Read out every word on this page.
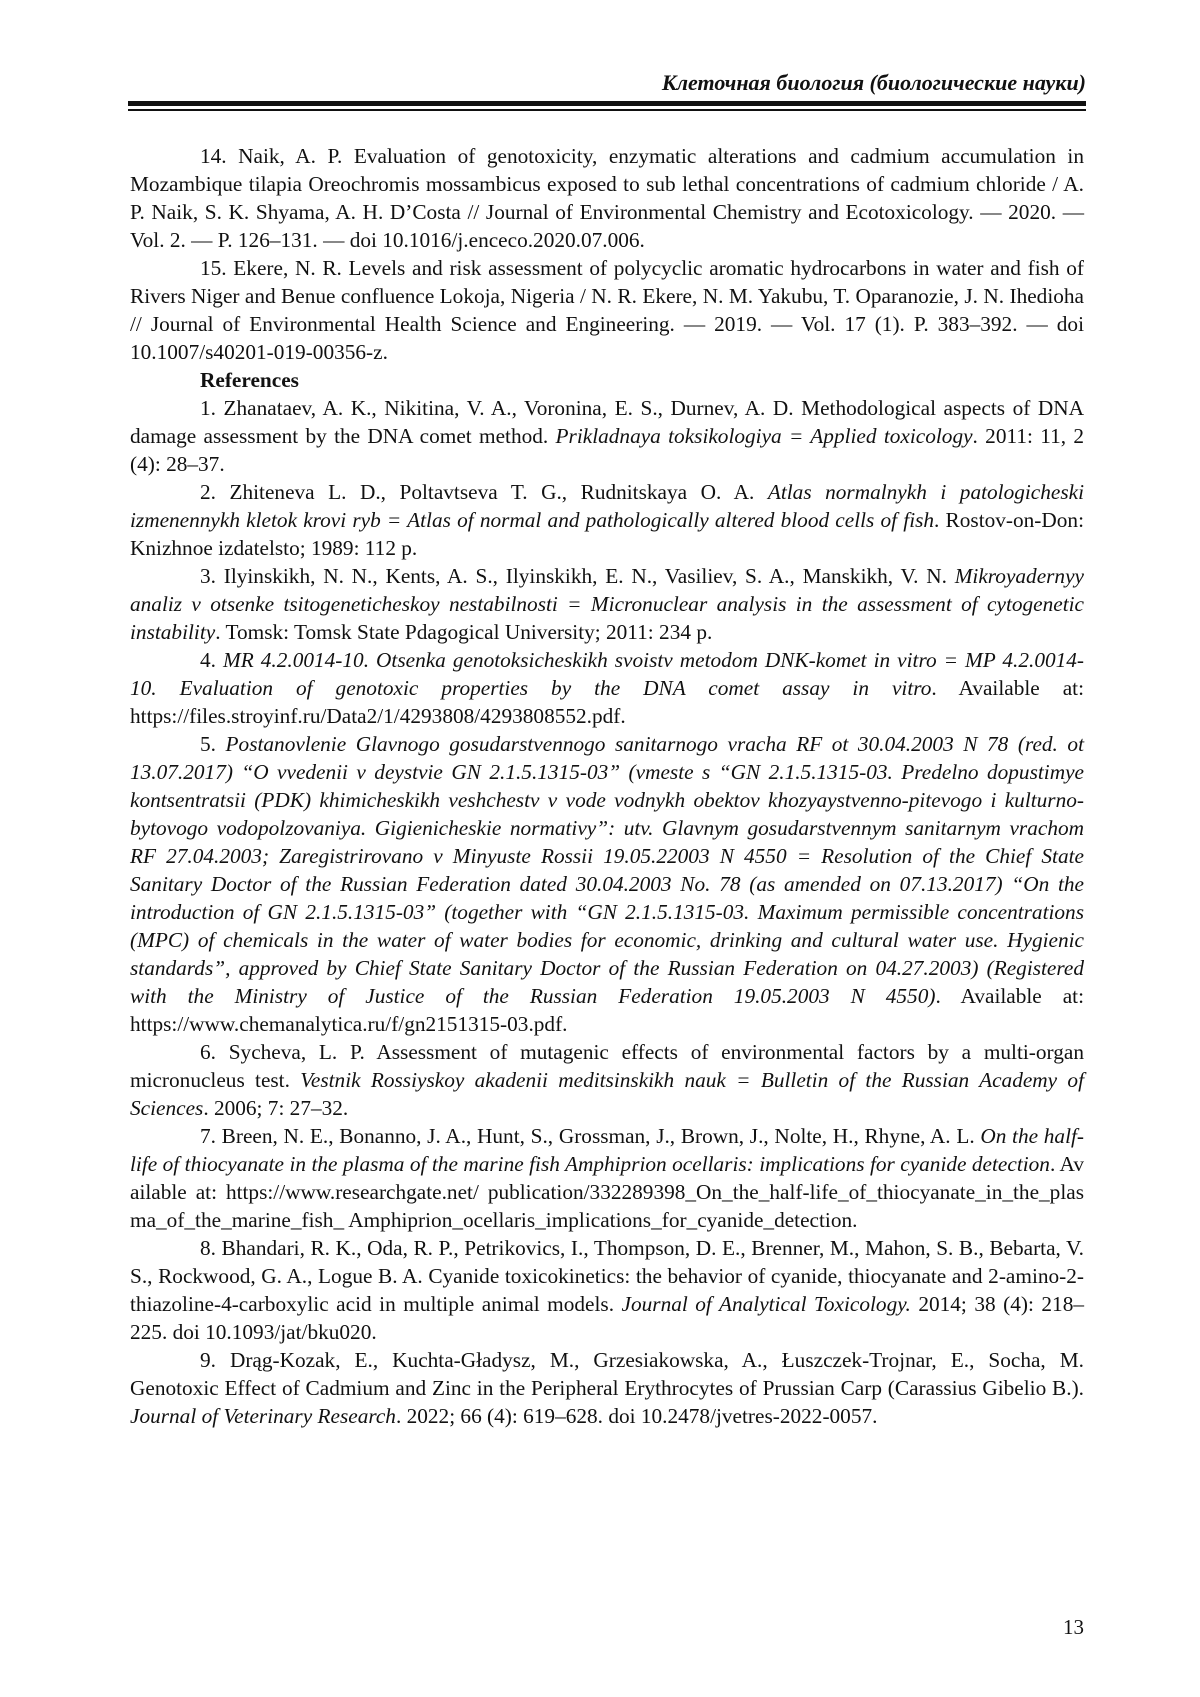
Клеточная биология (биологические науки)

14. Naik, A. P. Evaluation of genotoxicity, enzymatic alterations and cadmium accumulation in Mozambique tilapia Oreochromis mossambicus exposed to sub lethal concentrations of cadmium chloride / A. P. Naik, S. K. Shyama, A. H. D’Costa // Journal of Environmental Chemistry and Ecotoxicology. — 2020. — Vol. 2. — P. 126–131. — doi 10.1016/j.enceco.2020.07.006.

15. Ekere, N. R. Levels and risk assessment of polycyclic aromatic hydrocarbons in water and fish of Rivers Niger and Benue confluence Lokoja, Nigeria / N. R. Ekere, N. M. Yakubu, T. Oparanozie, J. N. Ihedioha // Journal of Environmental Health Science and Engineering. — 2019. — Vol. 17 (1). P. 383–392. — doi 10.1007/s40201-019-00356-z.

References

1. Zhanataev, A. K., Nikitina, V. A., Voronina, E. S., Durnev, A. D. Methodological aspects of DNA damage assessment by the DNA comet method. Prikladnaya toksikologiya = Applied toxicology. 2011: 11, 2 (4): 28–37.

2. Zhiteneva L. D., Poltavtseva T. G., Rudnitskaya O. A. Atlas normalnykh i patologicheski izmenennykh kletok krovi ryb = Atlas of normal and pathologically altered blood cells of fish. Rostov-on-Don: Knizhnoe izdatelsto; 1989: 112 p.

3. Ilyinskikh, N. N., Kents, A. S., Ilyinskikh, E. N., Vasiliev, S. A., Manskikh, V. N. Mikroyadernyy analiz v otsenke tsitogeneticheskoy nestabilnosti = Micronuclear analysis in the assessment of cytogenetic instability. Tomsk: Tomsk State Pdagogical University; 2011: 234 p.

4. MR 4.2.0014-10. Otsenka genotoksicheskikh svoistv metodom DNK-komet in vitro = MP 4.2.0014-10. Evaluation of genotoxic properties by the DNA comet assay in vitro. Available at: https://files.stroyinf.ru/Data2/1/4293808/4293808552.pdf.

5. Postanovlenie Glavnogo gosudarstvennogo sanitarnogo vracha RF ot 30.04.2003 N 78 (red. ot 13.07.2017) “O vvedenii v deystvie GN 2.1.5.1315-03” (vmeste s “GN 2.1.5.1315-03. Predelno dopustimye kontsentratsii (PDK) khimicheskikh veshchestv v vode vodnykh obektov khozyaystvenno-pitevogo i kulturno-bytovogo vodopolzovaniya. Gigienicheskie normativy”: utv. Glavnym gosudarstvennym sanitarnym vrachom RF 27.04.2003; Zaregistrirovano v Minyuste Rossii 19.05.22003 N 4550 = Resolution of the Chief State Sanitary Doctor of the Russian Federation dated 30.04.2003 No. 78 (as amended on 07.13.2017) “On the introduction of GN 2.1.5.1315-03” (together with “GN 2.1.5.1315-03. Maximum permissible concentrations (MPC) of chemicals in the water of water bodies for economic, drinking and cultural water use. Hygienic standards”, approved by Chief State Sanitary Doctor of the Russian Federation on 04.27.2003) (Registered with the Ministry of Justice of the Russian Federation 19.05.2003 N 4550). Available at: https://www.chemanalytica.ru/f/gn2151315-03.pdf.

6. Sycheva, L. P. Assessment of mutagenic effects of environmental factors by a multi-organ micronucleus test. Vestnik Rossiyskoy akadenii meditsinskikh nauk = Bulletin of the Russian Academy of Sciences. 2006; 7: 27–32.

7. Breen, N. E., Bonanno, J. A., Hunt, S., Grossman, J., Brown, J., Nolte, H., Rhyne, A. L. On the half-life of thiocyanate in the plasma of the marine fish Amphiprion ocellaris: implications for cyanide detection. Available at: https://www.researchgate.net/ publication/332289398_On_the_half-life_of_thiocyanate_in_the_plasma_of_the_marine_fish_ Amphiprion_ocellaris_implications_for_cyanide_detection.

8. Bhandari, R. K., Oda, R. P., Petrikovics, I., Thompson, D. E., Brenner, M., Mahon, S. B., Bebarta, V. S., Rockwood, G. A., Logue B. A. Cyanide toxicokinetics: the behavior of cyanide, thiocyanate and 2-amino-2-thiazoline-4-carboxylic acid in multiple animal models. Journal of Analytical Toxicology. 2014; 38 (4): 218–225. doi 10.1093/jat/bku020.

9. Drąg-Kozak, E., Kuchta-Gładysz, M., Grzesiakowska, A., Łuszczek-Trojnar, E., Socha, M. Genotoxic Effect of Cadmium and Zinc in the Peripheral Erythrocytes of Prussian Carp (Carassius Gibelio B.). Journal of Veterinary Research. 2022; 66 (4): 619–628. doi 10.2478/jvetres-2022-0057.

13
